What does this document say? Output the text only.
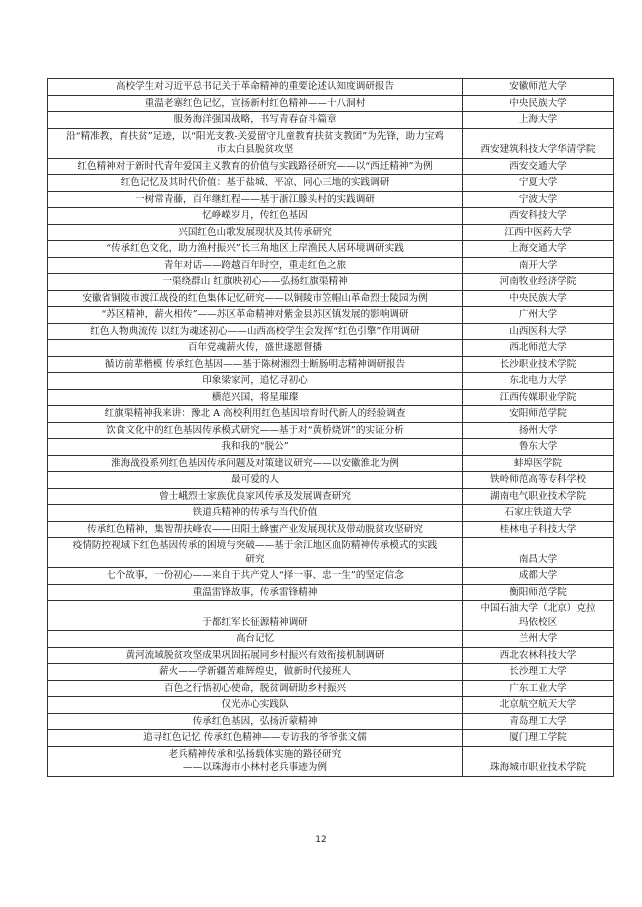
高校学生对习近平总书记关于革命精神的重要论述认知度调研报告	安徽师范大学
重温老寨红色记忆，宣扬新村红色精神——十八洞村	中央民族大学
服务海洋强国战略，书写青春奋斗篇章	上海大学
沿“精准教，育扶贫”足迹，以“阳光支教-关爱留守儿童教育扶贫支教团”为先锋，助力宝鸡
市太白县脱贫攻坚	西安建筑科技大学华清学院
红色精神对于新时代青年爱国主义教育的价值与实践路径研究——以“西迁精神”为例	西安交通大学
红色记忆及其时代价值：基于盐城、平凉、同心三地的实践调研	宁夏大学
一树常青藤，百年继红程——基于浙江滕头村的实践调研	宁波大学
忆峥嵘岁月，传红色基因	西安科技大学
兴国红色山歌发展现状及其传承研究	江西中医药大学
“传承红色文化，助力渔村振兴”长三角地区上岸渔民人居环境调研实践	上海交通大学
青年对话——跨越百年时空，重走红色之旅	南开大学
一渠绕群山 红旗映初心——弘扬红旗渠精神	河南牧业经济学院
安徽省铜陵市渡江战役的红色集体记忆研究——以铜陵市笠帽山革命烈士陵园为例	中央民族大学
“苏区精神，薪火相传”——苏区革命精神对紫金县苏区镇发展的影响调研	广州大学
红色人物典流传 以红为魂述初心——山西高校学生会发挥“红色引擎”作用调研	山西医科大学
百年党魂薪火传，盛世遂愿督播	西北师范大学
循访前辈楷模 传承红色基因——基于陈树湘烈士断肠明志精神调研报告	长沙职业技术学院
印象梁家河，追忆寻初心	东北电力大学
横范兴国，将星璀璨	江西传媒职业学院
红旗渠精神我来讲：豫北 A 高校利用红色基因培育时代新人的经验调查	安阳师范学院
饮食文化中的红色基因传承模式研究——基于对“黄桥烧饼”的实证分析	扬州大学
我和我的“脱公”	鲁东大学
淮海战役系列红色基因传承问题及对策建议研究——以安徽淮北为例	蚌埠医学院
最可爱的人	铁岭师范高等专科学校
曾士峨烈士家族优良家风传承及发展调查研究	湖南电气职业技术学院
铁道兵精神的传承与当代价值	石家庄铁道大学
传承红色精神，集智帮扶峰农——田阳土蜂蜜产业发展现状及带动脱贫攻坚研究	桂林电子科技大学
疫情防控视域下红色基因传承的困境与突破——基于余江地区血防精神传承模式的实践
研究	南昌大学
七个故事，一份初心——来自于共产党人“择一事、忠一生”的坚定信念	成都大学
重温雷锋故事，传承雷锋精神	衡阳师范学院
于都红军长征源精神调研	中国石油大学（北京）克拉
玛依校区

高台记忆	兰州大学
黄河流域脱贫攻坚成果巩固拓展同乡村振兴有效衔接机制调研	西北农林科技大学
薪火——学新疆苦难辉煌史，做新时代接班人	长沙理工大学
百色之行悟初心使命，脱贫调研助乡村振兴	广东工业大学
仅光赤心实践队	北京航空航天大学
传承红色基因，弘扬沂蒙精神	青岛理工大学
追寻红色记忆 传承红色精神——专访我的爷爷张文儒	厦门理工学院
老兵精神传承和弘扬载体实施的路径研究
——以珠海市小林村老兵事迹为例	珠海城市职业技术学院
12
